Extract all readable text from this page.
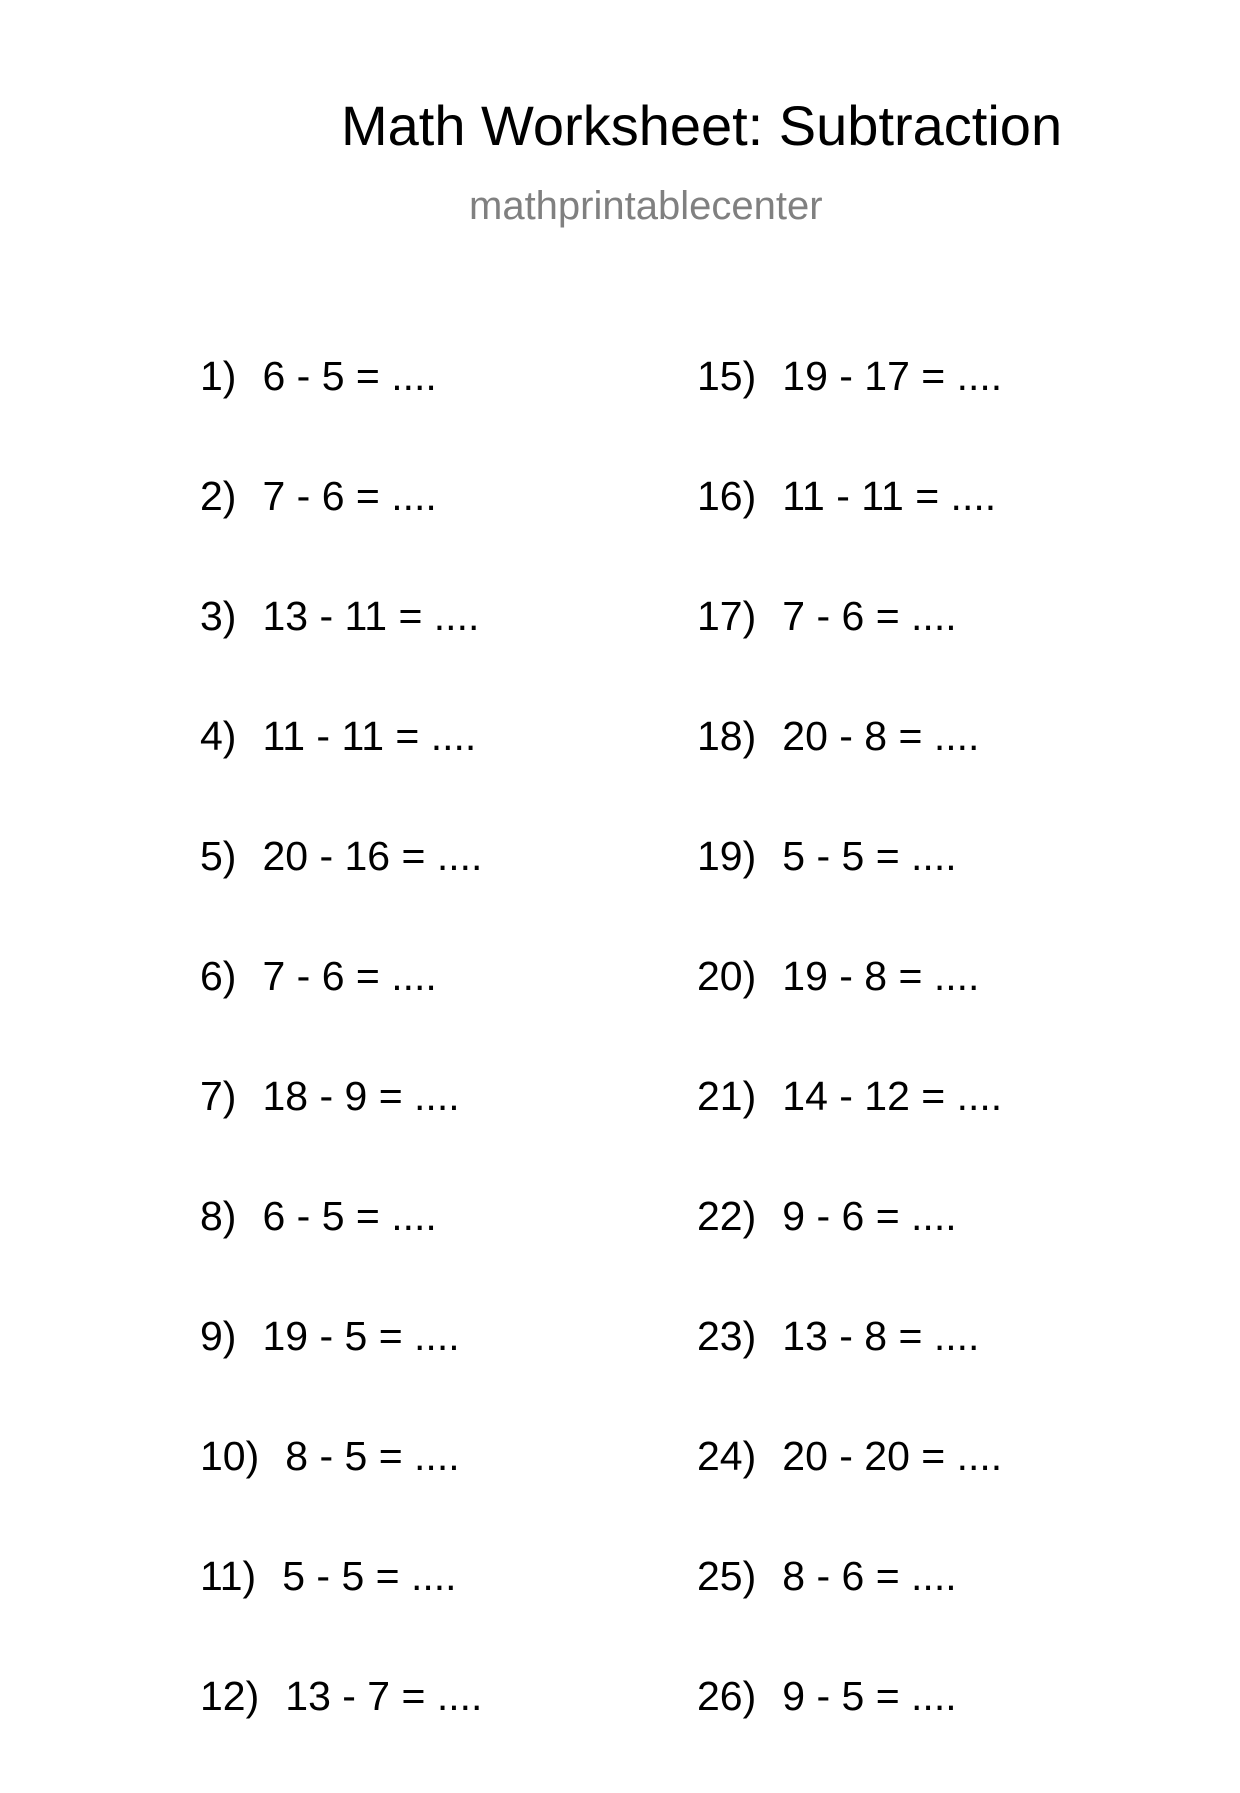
Math Worksheet: Subtraction
mathprintablecenter
1) 6 - 5 = ....
2) 7 - 6 = ....
3) 13 - 11 = ....
4) 11 - 11 = ....
5) 20 - 16 = ....
6) 7 - 6 = ....
7) 18 - 9 = ....
8) 6 - 5 = ....
9) 19 - 5 = ....
10) 8 - 5 = ....
11) 5 - 5 = ....
12) 13 - 7 = ....
15) 19 - 17 = ....
16) 11 - 11 = ....
17) 7 - 6 = ....
18) 20 - 8 = ....
19) 5 - 5 = ....
20) 19 - 8 = ....
21) 14 - 12 = ....
22) 9 - 6 = ....
23) 13 - 8 = ....
24) 20 - 20 = ....
25) 8 - 6 = ....
26) 9 - 5 = ....
